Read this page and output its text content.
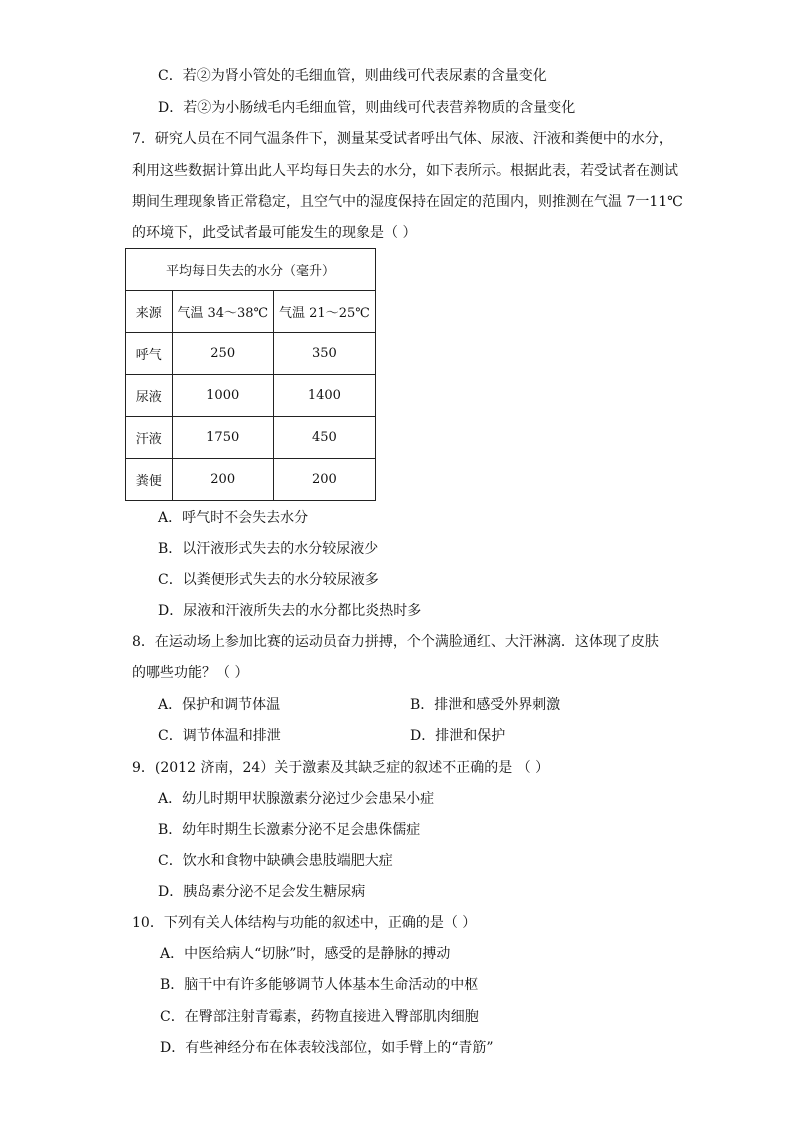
C．若②为肾小管处的毛细血管，则曲线可代表尿素的含量变化
D．若②为小肠绒毛内毛细血管，则曲线可代表营养物质的含量变化
7．研究人员在不同气温条件下，测量某受试者呼出气体、尿液、汗液和粪便中的水分，
利用这些数据计算出此人平均每日失去的水分，如下表所示。根据此表，若受试者在测试
期间生理现象皆正常稳定，且空气中的湿度保持在固定的范围内，则推测在气温 7一11℃
的环境下，此受试者最可能发生的现象是（ ）
平均每日失去的水分（毫升）		
来源	气温 34～38℃	气温 21～25℃
呼气	250	350
尿液	1000	1400
汗液	1750	450
粪便	200	200
A．呼气时不会失去水分
B．以汗液形式失去的水分较尿液少
C．以粪便形式失去的水分较尿液多
D．尿液和汗液所失去的水分都比炎热时多
8．在运动场上参加比赛的运动员奋力拼搏，个个满脸通红、大汗淋漓．这体现了皮肤
的哪些功能？（ ）
A．保护和调节体温	B．排泄和感受外界刺激
C．调节体温和排泄	D．排泄和保护
9．(2012 济南，24）关于激素及其缺乏症的叙述不正确的是 （ ）
A．幼儿时期甲状腺激素分泌过少会患呆小症
B．幼年时期生长激素分泌不足会患侏儒症
C．饮水和食物中缺碘会患肢端肥大症
D．胰岛素分泌不足会发生糖尿病
10．下列有关人体结构与功能的叙述中，正确的是（ ）
A．中医给病人“切脉”时，感受的是静脉的搏动
B．脑干中有许多能够调节人体基本生命活动的中枢
C．在臀部注射青霉素，药物直接进入臀部肌肉细胞
D．有些神经分布在体表较浅部位，如手臂上的“青筋”
